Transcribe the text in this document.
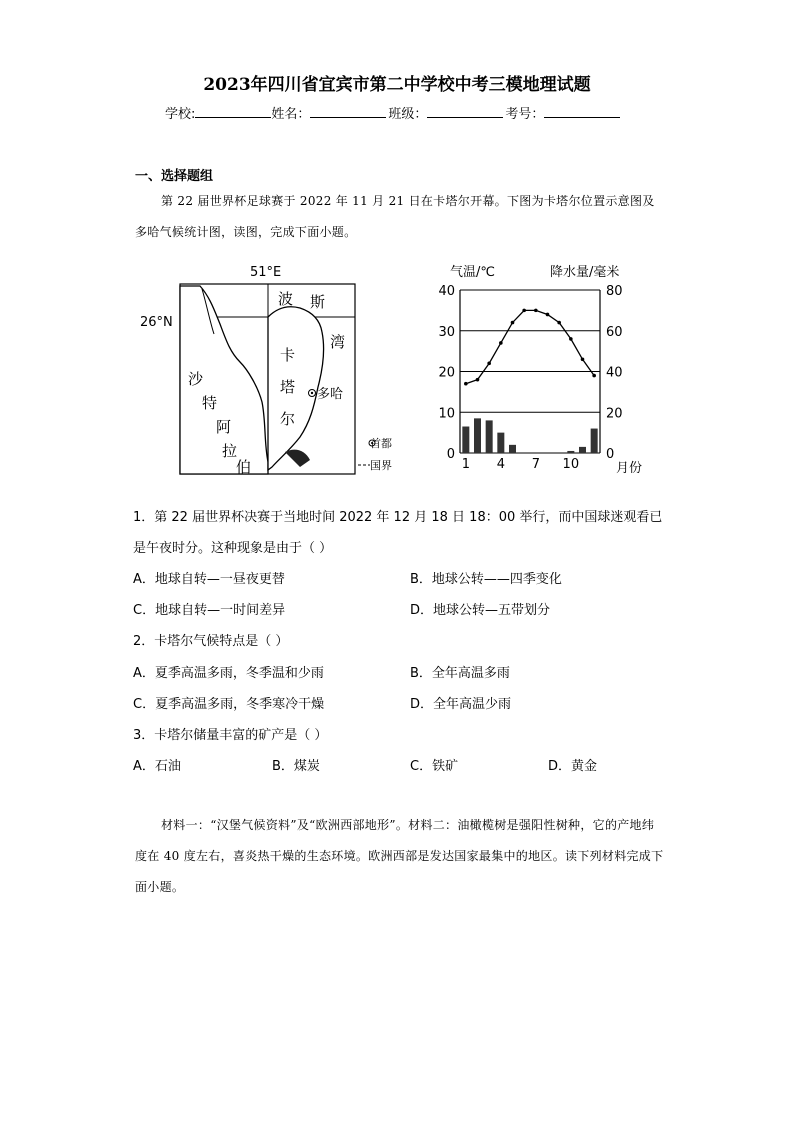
2023年四川省宜宾市第二中学校中考三模地理试题
学校:	姓名：	班级：	考号：
一、选择题组
第 22 届世界杯足球赛于 2022 年 11 月 21 日在卡塔尔开幕。下图为卡塔尔位置示意图及多哈气候统计图，读图，完成下面小题。
51°E
26°N
波 斯
湾
卡
塔
尔
多哈
沙
特
阿
拉
伯
首都
国界
气温/℃	降水量/毫米
0	0
10	20
20	40
30	60
40	80
1 4 7 10	月份
1．第 22 届世界杯决赛于当地时间 2022 年 12 月 18 日 18：00 举行，而中国球迷观看已
是午夜时分。这种现象是由于（ ）
A．地球自转—一昼夜更替	B．地球公转——四季变化
C．地球自转—一时间差异	D．地球公转—五带划分
2．卡塔尔气候特点是（ ）
A．夏季高温多雨，冬季温和少雨	B．全年高温多雨
C．夏季高温多雨，冬季寒冷干燥	D．全年高温少雨
3．卡塔尔储量丰富的矿产是（ ）
A．石油	B．煤炭	C．铁矿	D．黄金
材料一：“汉堡气候资料”及“欧洲西部地形”。材料二：油橄榄树是强阳性树种，它的产地纬度在 40 度左右，喜炎热干燥的生态环境。欧洲西部是发达国家最集中的地区。读下列材料完成下面小题。
